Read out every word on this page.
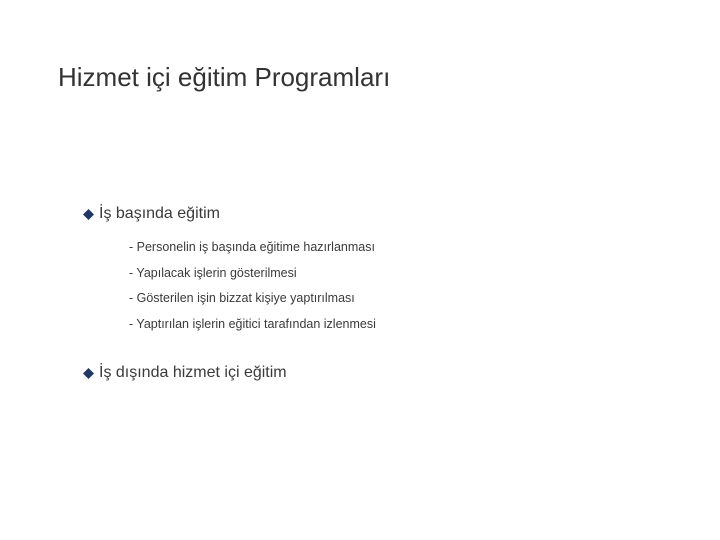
Hizmet içi eğitim Programları
İş başında eğitim
- Personelin iş başında eğitime hazırlanması
- Yapılacak işlerin gösterilmesi
- Gösterilen işin bizzat kişiye yaptırılması
- Yaptırılan işlerin eğitici tarafından izlenmesi
İş dışında hizmet içi eğitim
